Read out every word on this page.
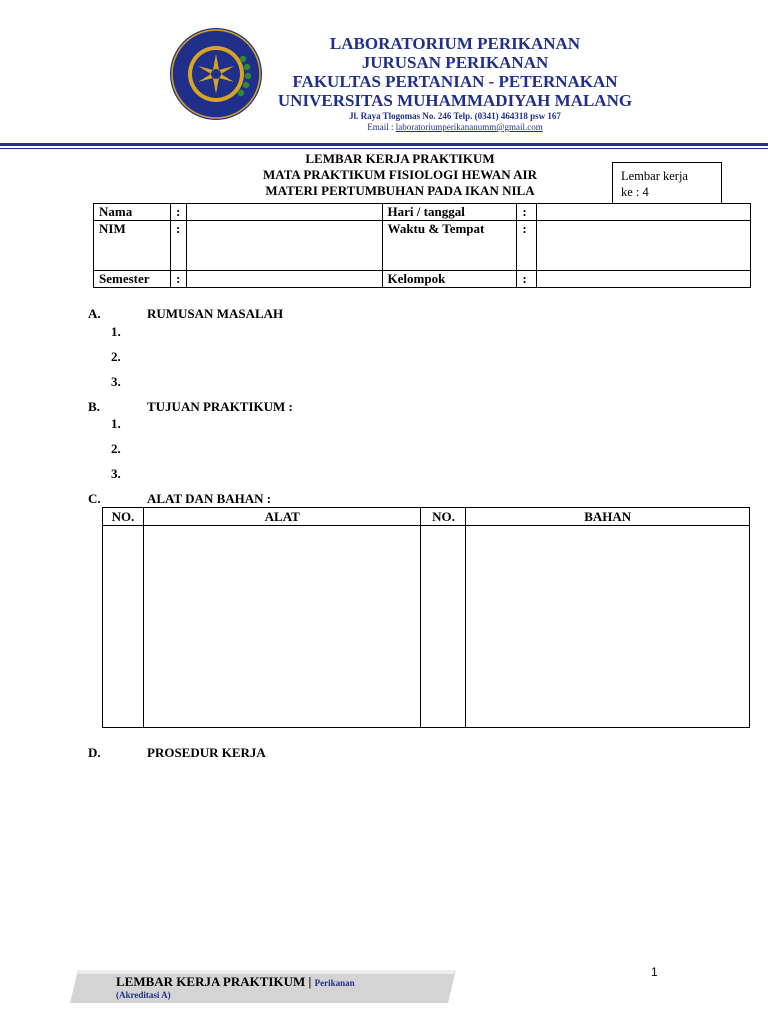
LABORATORIUM PERIKANAN
JURUSAN PERIKANAN
FAKULTAS PERTANIAN - PETERNAKAN
UNIVERSITAS MUHAMMADIYAH MALANG
Jl. Raya Tlogomas No. 246 Telp. (0341) 464318 psw 167
Email : laboratoriumperikananumm@gmail.com
LEMBAR KERJA PRAKTIKUM
MATA PRAKTIKUM FISIOLOGI HEWAN AIR
MATERI PERTUMBUHAN PADA IKAN NILA
Lembar kerja
ke : 4
Nama	:		Hari / tanggal	:	
NIM	:		Waktu & Tempat	:	
Semester	:		Kelompok	:	
A.	RUMUSAN MASALAH
1.
2.
3.
B.	TUJUAN PRAKTIKUM :
1.
2.
3.
C.	ALAT DAN BAHAN :
NO.	ALAT	NO.	BAHAN

D.	PROSEDUR KERJA
LEMBAR KERJA PRAKTIKUM | Perikanan
(Akreditasi A)
1
